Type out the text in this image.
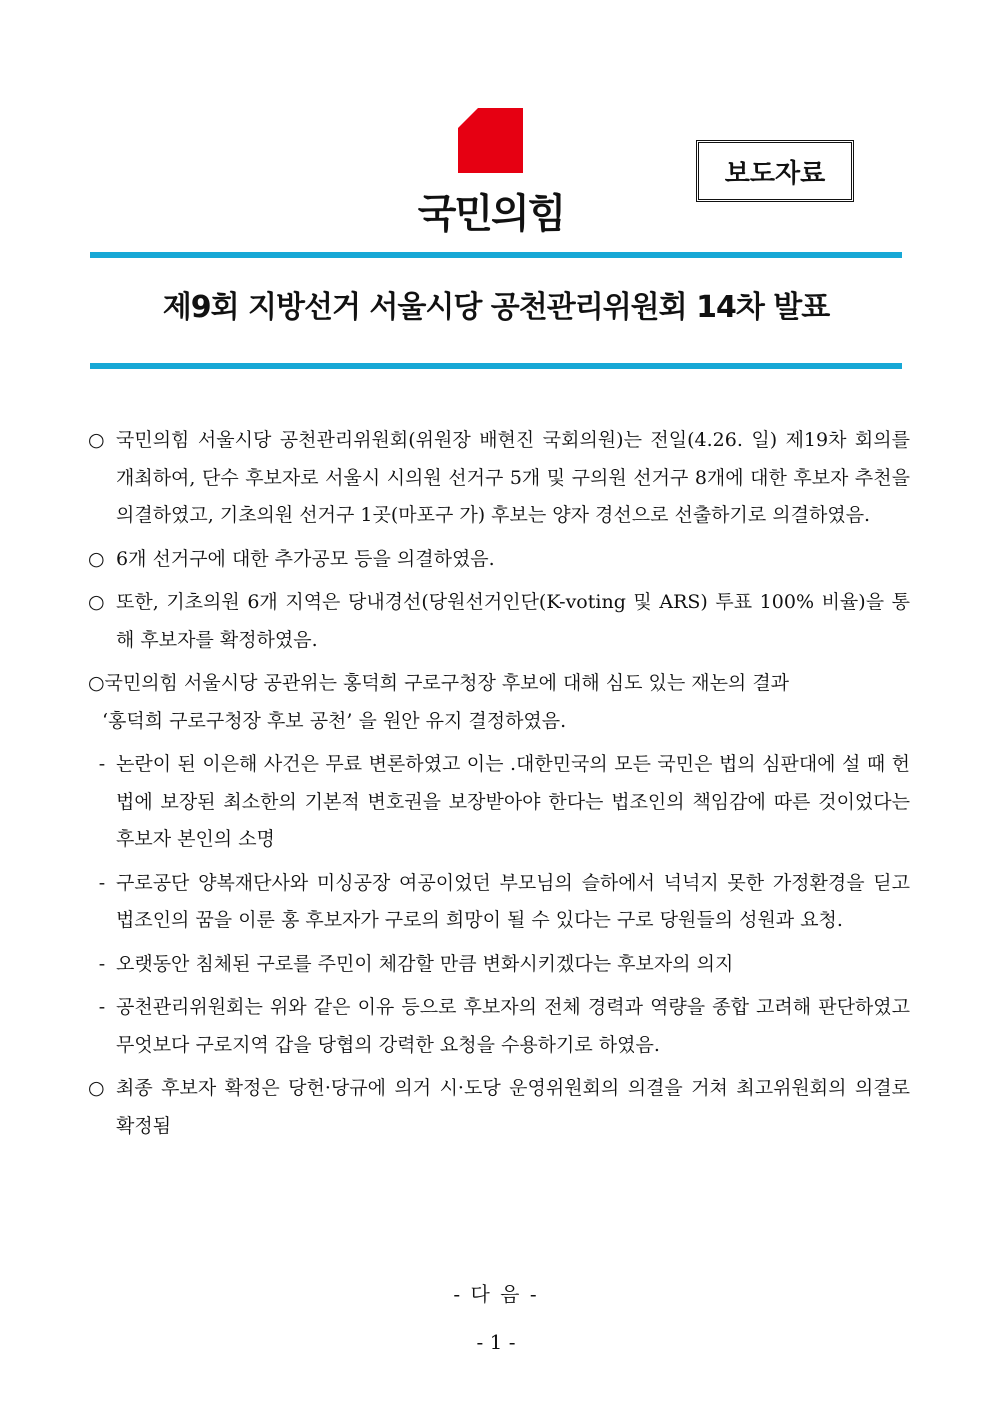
국민의힘
보도자료
제9회 지방선거 서울시당 공천관리위원회 14차 발표
○ 국민의힘 서울시당 공천관리위원회(위원장 배현진 국회의원)는 전일(4.26. 일) 제19차 회의를 개최하여, 단수 후보자로 서울시 시의원 선거구 5개 및 구의원 선거구 8개에 대한 후보자 추천을 의결하였고, 기초의원 선거구 1곳(마포구 가) 후보는 양자 경선으로 선출하기로 의결하였음.
○ 6개 선거구에 대한 추가공모 등을 의결하였음.
○ 또한, 기초의원 6개 지역은 당내경선(당원선거인단(K-voting 및 ARS) 투표 100% 비율)을 통해 후보자를 확정하였음.
○ 국민의힘 서울시당 공관위는 홍덕희 구로구청장 후보에 대해 심도 있는 재논의 결과
‘홍덕희 구로구청장 후보 공천’ 을 원안 유지 결정하였음.
- 논란이 된 이은해 사건은 무료 변론하였고 이는 .대한민국의 모든 국민은 법의 심판대에 설 때 헌법에 보장된 최소한의 기본적 변호권을 보장받아야 한다는 법조인의 책임감에 따른 것이었다는 후보자 본인의 소명
- 구로공단 양복재단사와 미싱공장 여공이었던 부모님의 슬하에서 넉넉지 못한 가정환경을 딛고 법조인의 꿈을 이룬 홍 후보자가 구로의 희망이 될 수 있다는 구로 당원들의 성원과 요청.
- 오랫동안 침체된 구로를 주민이 체감할 만큼 변화시키겠다는 후보자의 의지
- 공천관리위원회는 위와 같은 이유 등으로 후보자의 전체 경력과 역량을 종합 고려해 판단하였고 무엇보다 구로지역 갑을 당협의 강력한 요청을 수용하기로 하였음.
○ 최종 후보자 확정은 당헌·당규에 의거 시·도당 운영위원회의 의결을 거쳐 최고위원회의 의결로 확정됨
- 다 음 -
- 1 -
